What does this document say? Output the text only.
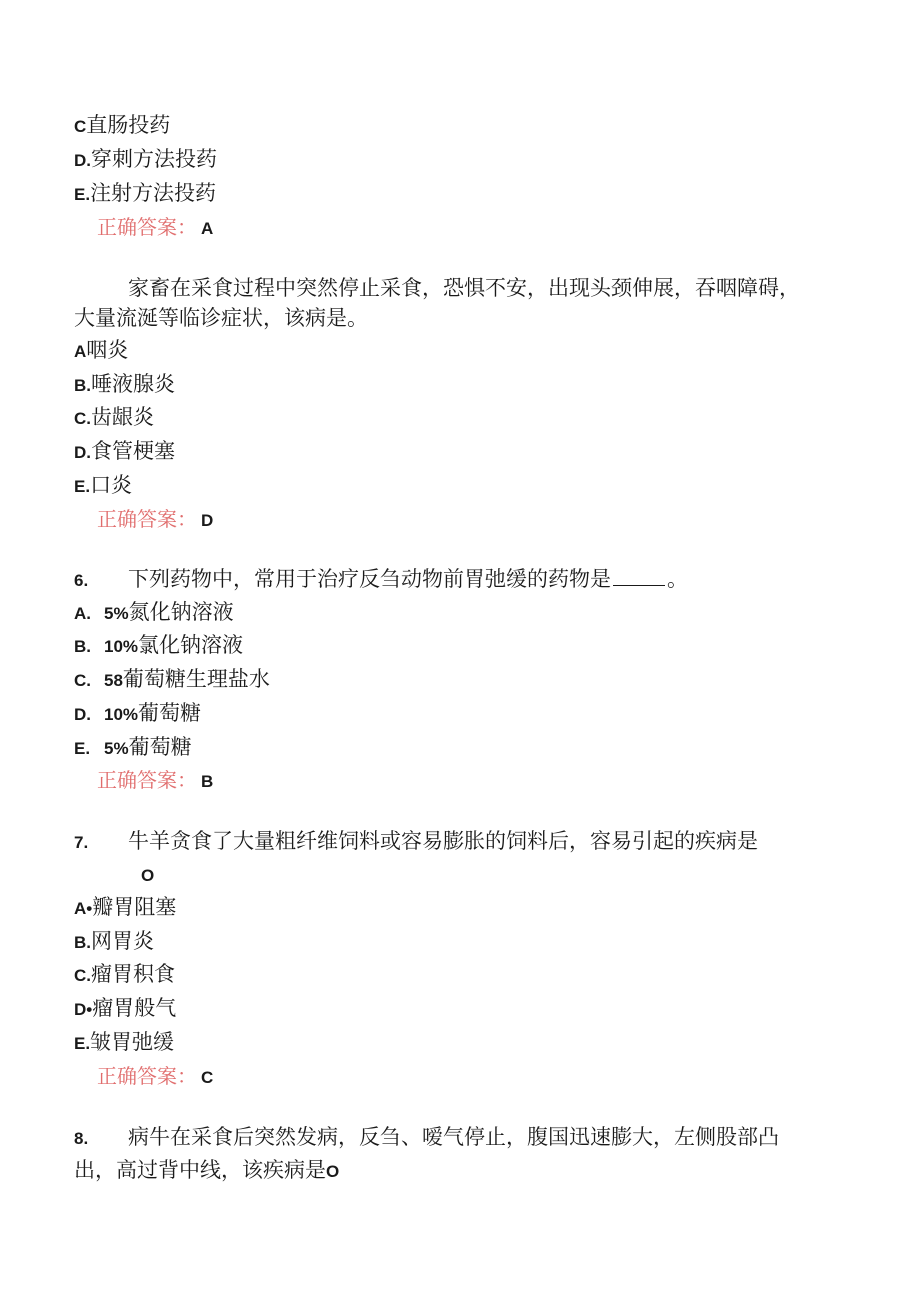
C直肠投药
D.穿刺方法投药
E.注射方法投药
正确答案： A
家畜在采食过程中突然停止采食，恐惧不安，出现头颈伸展，吞咽障碍，
大量流涎等临诊症状，该病是。
A咽炎
B.唾液腺炎
C.齿龈炎
D.食管梗塞
E.口炎
正确答案： D
6. 下列药物中，常用于治疗反刍动物前胃弛缓的药物是	。
A. 5%氮化钠溶液
B. 10%氯化钠溶液
C. 58葡萄糖生理盐水
D. 10%葡萄糖
E. 5%葡萄糖
正确答案： B
7. 牛羊贪食了大量粗纤维饲料或容易膨胀的饲料后，容易引起的疾病是
O
A•瓣胃阻塞
B.网胃炎
C.瘤胃积食
D•瘤胃般气
E.皱胃弛缓
正确答案： C
8. 病牛在采食后突然发病，反刍、嗳气停止，腹国迅速膨大，左侧股部凸
出，高过背中线，该疾病是O
